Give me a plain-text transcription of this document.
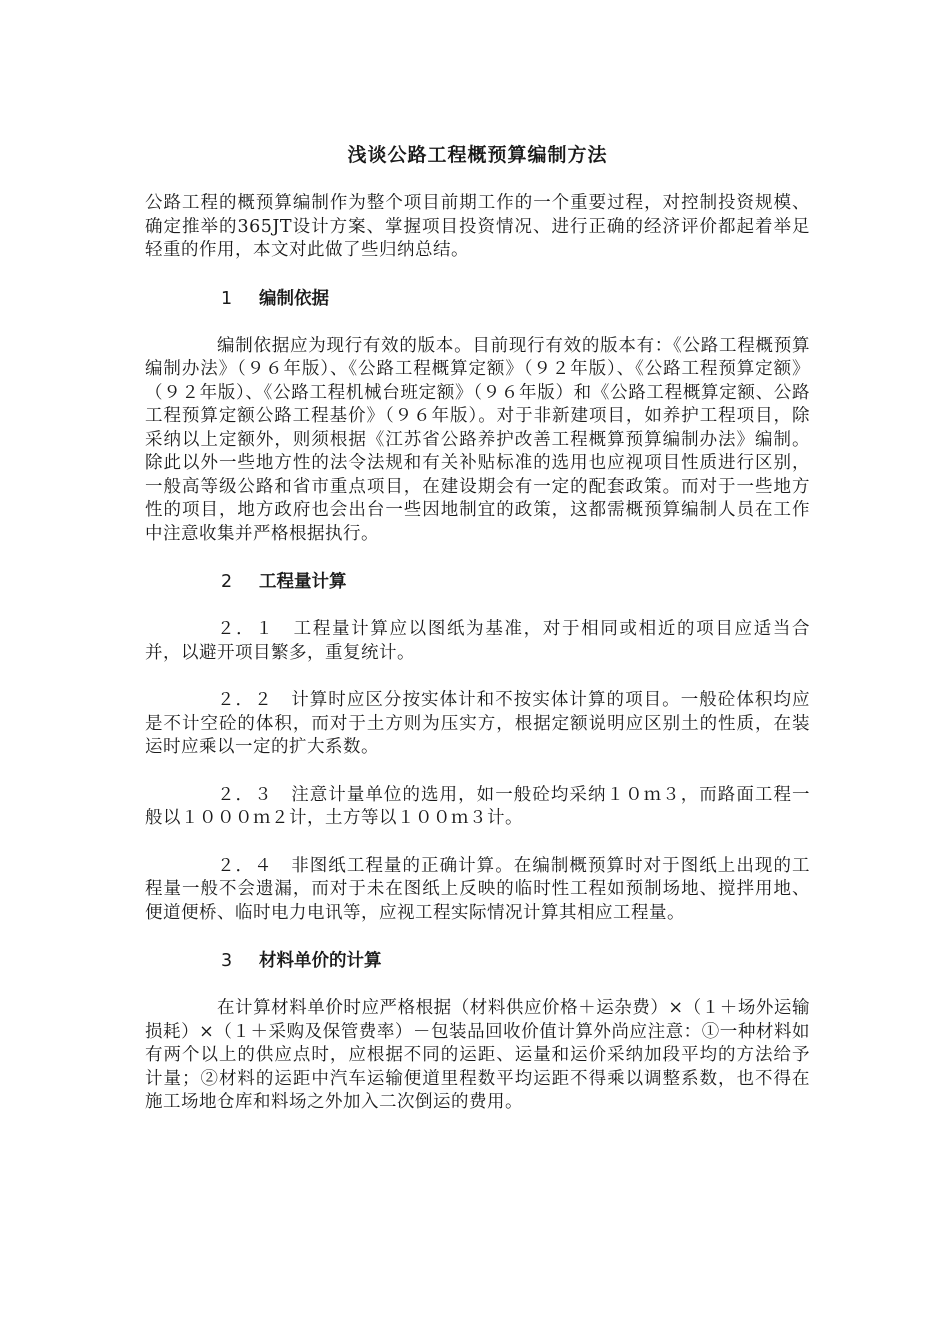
浅谈公路工程概预算编制方法

公路工程的概预算编制作为整个项目前期工作的一个重要过程，对控制投资规模、确定推举的365JT设计方案、掌握项目投资情况、进行正确的经济评价都起着举足轻重的作用，本文对此做了些归纳总结。

1 编制依据

编制依据应为现行有效的版本。目前现行有效的版本有：《公路工程概预算编制办法》（９６年版）、《公路工程概算定额》（９２年版）、《公路工程预算定额》（９２年版）、《公路工程机械台班定额》（９６年版）和《公路工程概算定额、公路工程预算定额公路工程基价》（９６年版）。对于非新建项目，如养护工程项目，除采纳以上定额外，则须根据《江苏省公路养护改善工程概算预算编制办法》编制。除此以外一些地方性的法令法规和有关补贴标准的选用也应视项目性质进行区别，一般高等级公路和省市重点项目，在建设期会有一定的配套政策。而对于一些地方性的项目，地方政府也会出台一些因地制宜的政策，这都需概预算编制人员在工作中注意收集并严格根据执行。

2 工程量计算

２．１　工程量计算应以图纸为基准，对于相同或相近的项目应适当合并，以避开项目繁多，重复统计。

２．２　计算时应区分按实体计和不按实体计算的项目。一般砼体积均应是不计空砼的体积，而对于土方则为压实方，根据定额说明应区别土的性质，在装运时应乘以一定的扩大系数。

２．３　注意计量单位的选用，如一般砼均采纳１０ｍ３，而路面工程一般以１０００ｍ２计，土方等以１００ｍ３计。

２．４　非图纸工程量的正确计算。在编制概预算时对于图纸上出现的工程量一般不会遗漏，而对于未在图纸上反映的临时性工程如预制场地、搅拌用地、便道便桥、临时电力电讯等，应视工程实际情况计算其相应工程量。

3 材料单价的计算

在计算材料单价时应严格根据（材料供应价格＋运杂费）×（１＋场外运输损耗）×（１＋采购及保管费率）－包装品回收价值计算外尚应注意：①一种材料如有两个以上的供应点时，应根据不同的运距、运量和运价采纳加段平均的方法给予计量；②材料的运距中汽车运输便道里程数平均运距不得乘以调整系数，也不得在施工场地仓库和料场之外加入二次倒运的费用。
